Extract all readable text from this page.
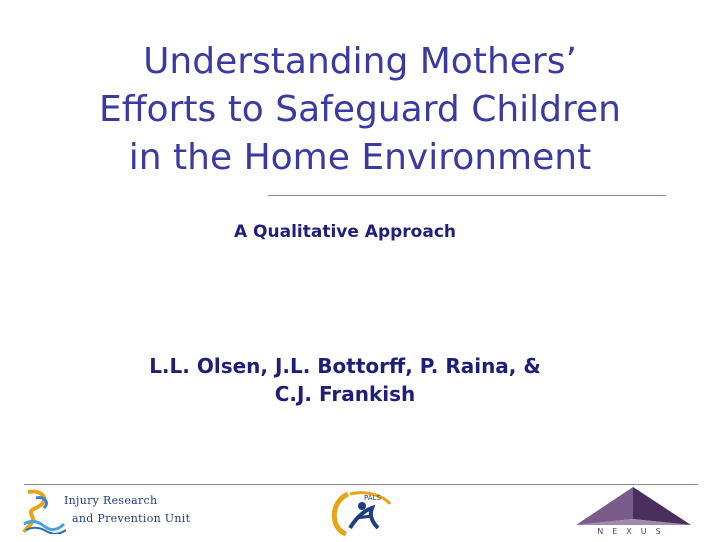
Understanding Mothers’
Efforts to Safeguard Children
in the Home Environment
A Qualitative Approach
L.L. Olsen, J.L. Bottorff, P. Raina, &
C.J. Frankish
Injury Research
and Prevention Unit
PALS
NEXUS
